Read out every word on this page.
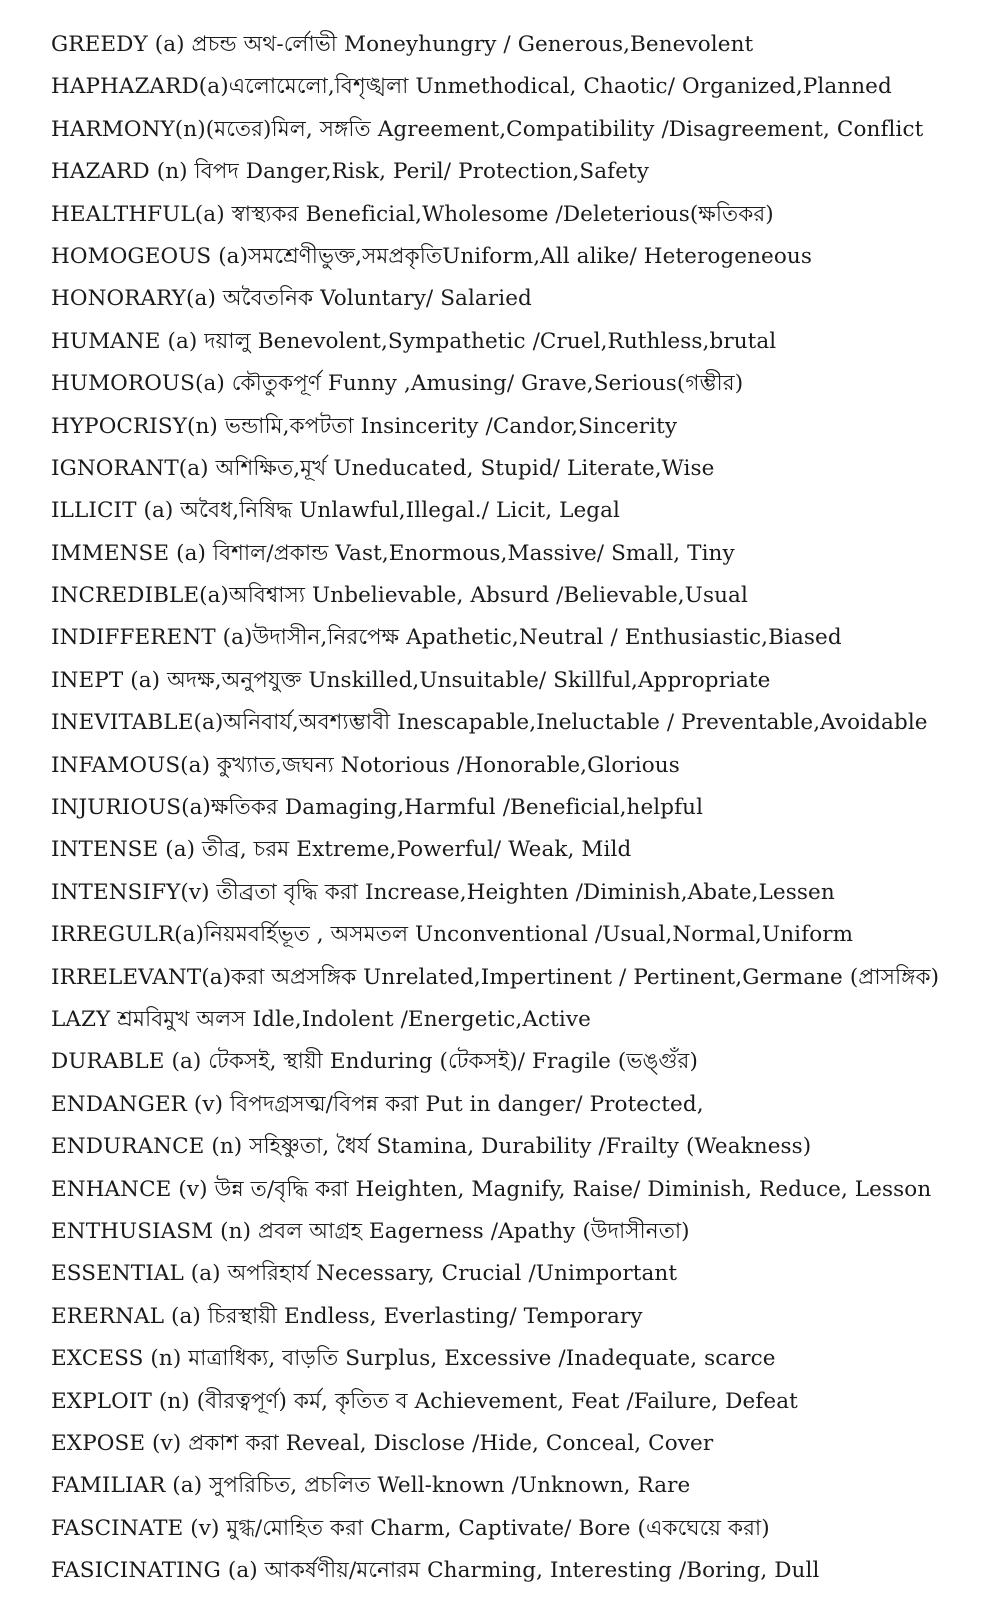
GREEDY (a) প্রচন্ড অথ-র্লোভী Moneyhungry / Generous,Benevolent
HAPHAZARD(a)এলোমেলো,বিশৃঙ্খলা Unmethodical, Chaotic/ Organized,Planned
HARMONY(n)(মতের)মিল, সঙ্গতি Agreement,Compatibility /Disagreement, Conflict
HAZARD (n) বিপদ Danger,Risk, Peril/ Protection,Safety
HEALTHFUL(a) স্বাস্থ্যকর Beneficial,Wholesome /Deleterious(ক্ষতিকর)
HOMOGEOUS (a)সমশ্রেণীভুক্ত,সমপ্রকৃতিUniform,All alike/ Heterogeneous
HONORARY(a) অবৈতনিক Voluntary/ Salaried
HUMANE (a) দয়ালু Benevolent,Sympathetic /Cruel,Ruthless,brutal
HUMOROUS(a) কৌতুকপূর্ণ Funny ,Amusing/ Grave,Serious(গম্ভীর)
HYPOCRISY(n) ভন্ডামি,কপটতা Insincerity /Candor,Sincerity
IGNORANT(a) অশিক্ষিত,মূর্খ Uneducated, Stupid/ Literate,Wise
ILLICIT (a) অবৈধ,নিষিদ্ধ Unlawful,Illegal./ Licit, Legal
IMMENSE (a) বিশাল/প্রকান্ড Vast,Enormous,Massive/ Small, Tiny
INCREDIBLE(a)অবিশ্বাস্য Unbelievable, Absurd /Believable,Usual
INDIFFERENT (a)উদাসীন,নিরপেক্ষ Apathetic,Neutral / Enthusiastic,Biased
INEPT (a) অদক্ষ,অনুপযুক্ত Unskilled,Unsuitable/ Skillful,Appropriate
INEVITABLE(a)অনিবার্য,অবশ্যম্ভাবী Inescapable,Ineluctable / Preventable,Avoidable
INFAMOUS(a) কুখ্যাত,জঘন্য Notorious /Honorable,Glorious
INJURIOUS(a)ক্ষতিকর Damaging,Harmful /Beneficial,helpful
INTENSE (a) তীব্র, চরম Extreme,Powerful/ Weak, Mild
INTENSIFY(v) তীব্রতা বৃদ্ধি করা Increase,Heighten /Diminish,Abate,Lessen
IRREGULR(a)নিয়মবর্হিভূত , অসমতল Unconventional /Usual,Normal,Uniform
IRRELEVANT(a)করা অপ্রসঙ্গিক Unrelated,Impertinent / Pertinent,Germane (প্রাসঙ্গিক)
LAZY শ্রমবিমুখ অলস Idle,Indolent /Energetic,Active
DURABLE (a) টেকসই, স্থায়ী Enduring (টেকসই)/ Fragile (ভঙ্গুঁর)
ENDANGER (v) বিপদগ্রসত্ম/বিপন্ন করা Put in danger/ Protected,
ENDURANCE (n) সহিষ্ণুতা, ধৈর্য Stamina, Durability /Frailty (Weakness)
ENHANCE (v) উন্ন ত/বৃদ্ধি করা Heighten, Magnify, Raise/ Diminish, Reduce, Lesson
ENTHUSIASM (n) প্রবল আগ্রহ Eagerness /Apathy (উদাসীনতা)
ESSENTIAL (a) অপরিহার্য Necessary, Crucial /Unimportant
ERERNAL (a) চিরস্থায়ী Endless, Everlasting/ Temporary
EXCESS (n) মাত্রাধিক্য, বাড়তি Surplus, Excessive /Inadequate, scarce
EXPLOIT (n) (বীরত্বপূর্ণ) কর্ম, কৃতিত ব Achievement, Feat /Failure, Defeat
EXPOSE (v) প্রকাশ করা Reveal, Disclose /Hide, Conceal, Cover
FAMILIAR (a) সুপরিচিত, প্রচলিত Well-known /Unknown, Rare
FASCINATE (v) মুগ্ধ/মোহিত করা Charm, Captivate/ Bore (একঘেয়ে করা)
FASICINATING (a) আকর্ষণীয়/মনোরম Charming, Interesting /Boring, Dull
